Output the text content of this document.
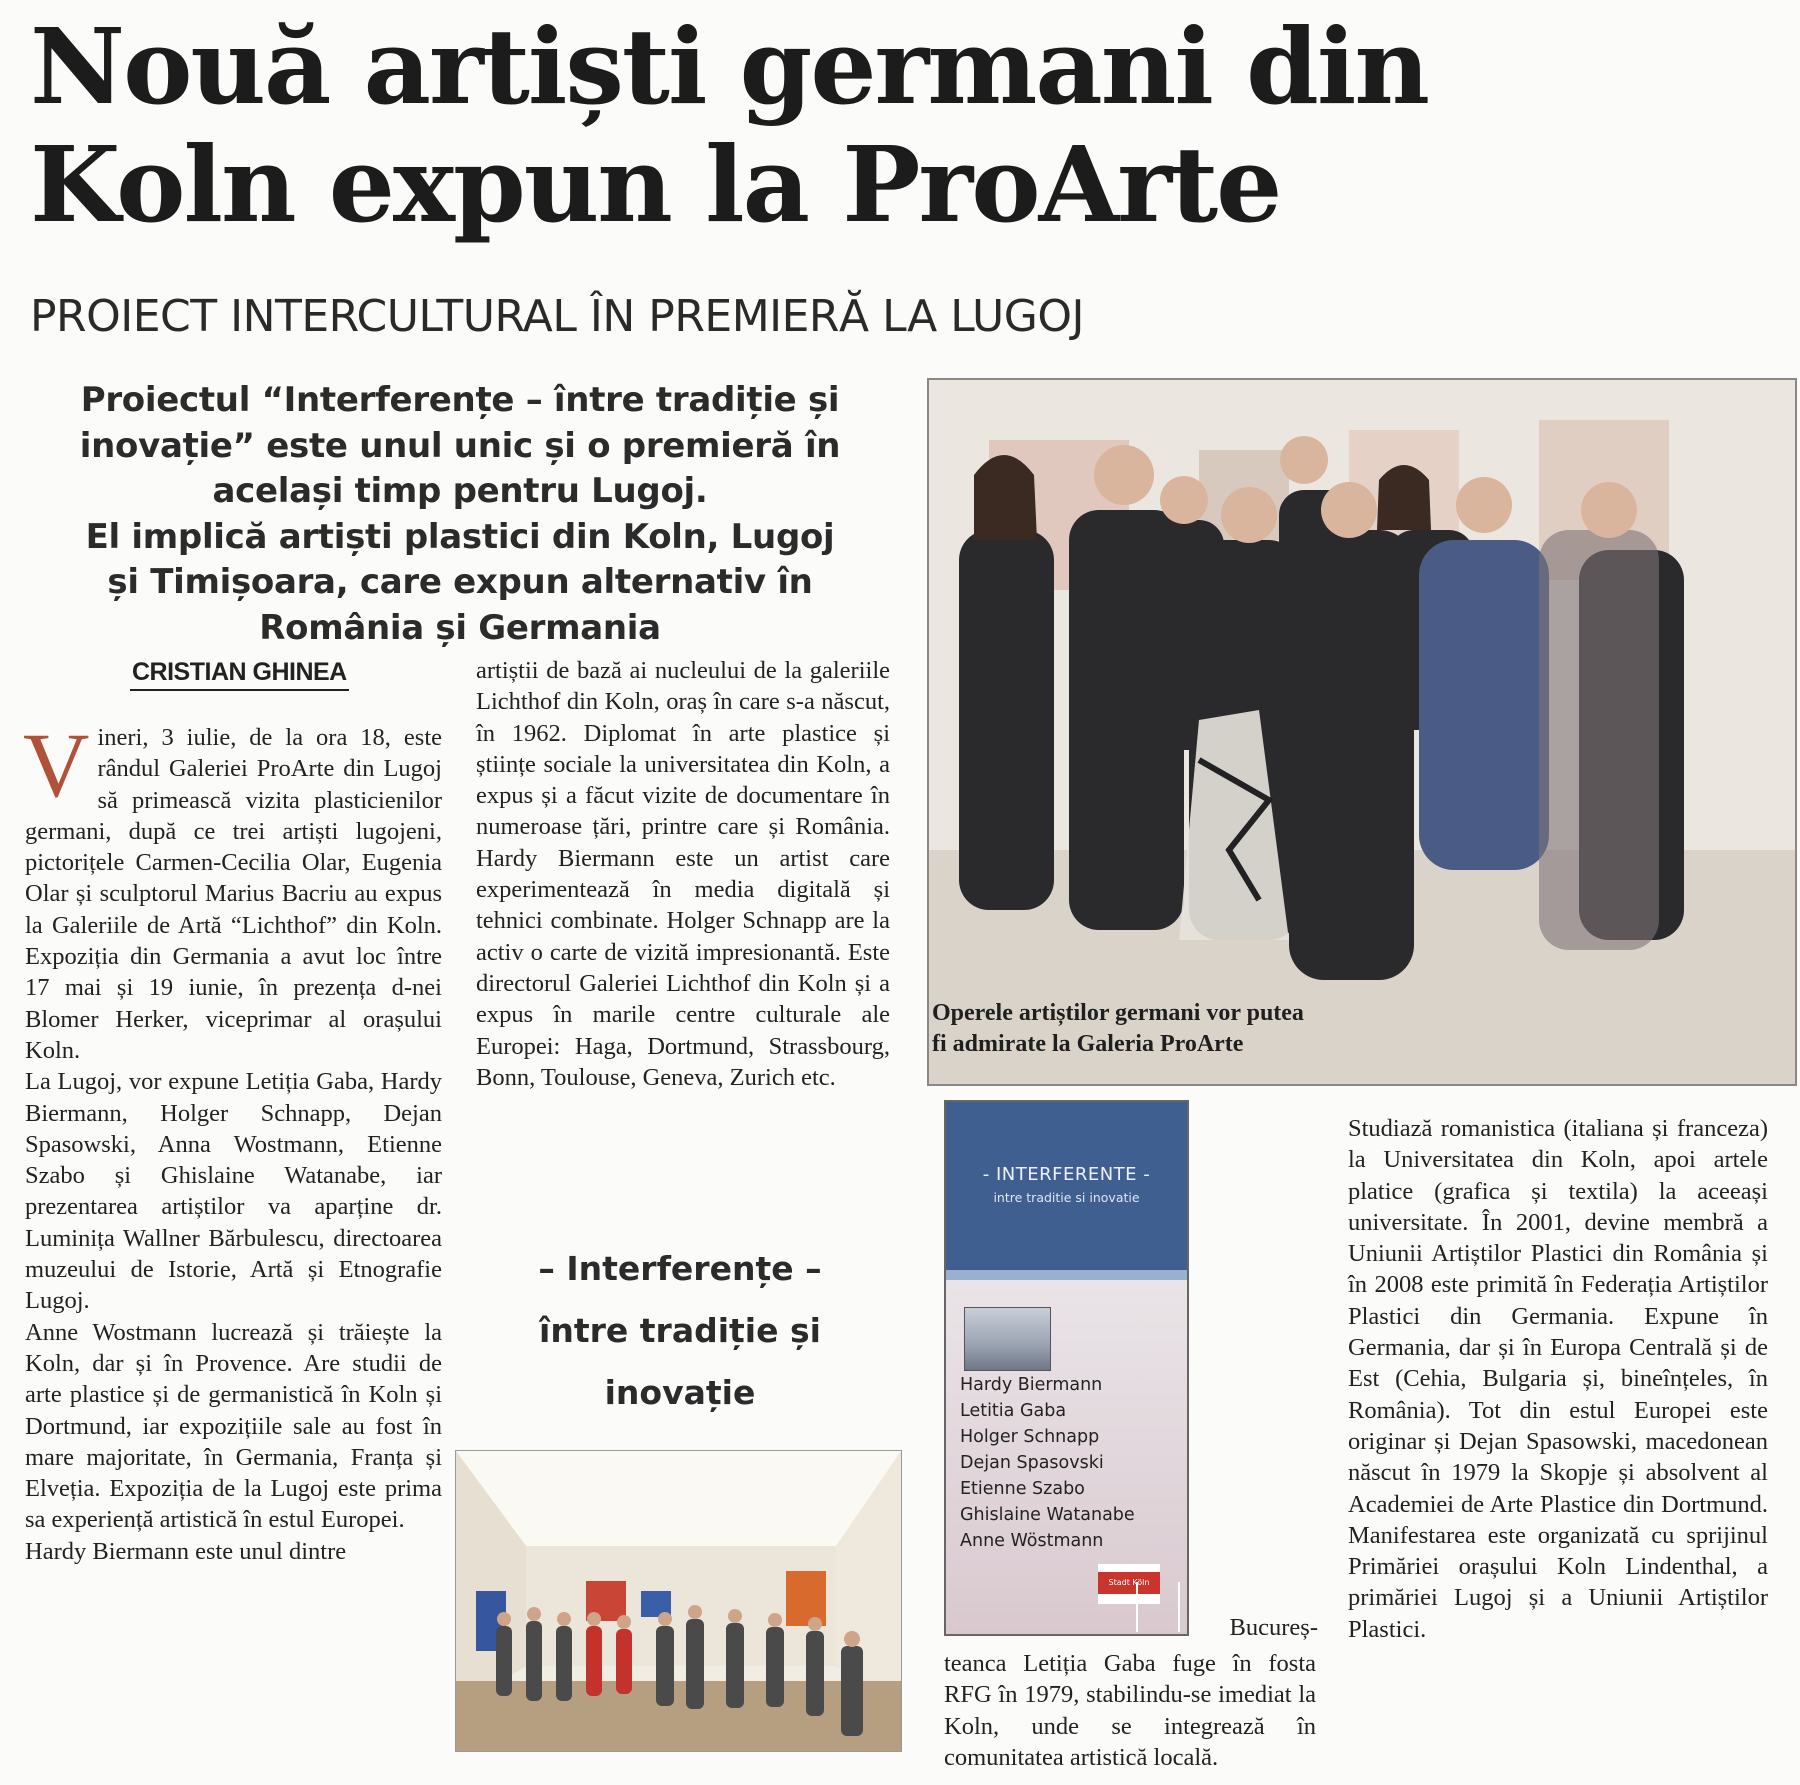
Nouă artiști germani din
Koln expun la ProArte
PROIECT INTERCULTURAL ÎN PREMIERĂ LA LUGOJ
Proiectul “Interferențe – între tradiție și
inovație” este unul unic și o premieră în
același timp pentru Lugoj.
El implică artiști plastici din Koln, Lugoj
și Timișoara, care expun alternativ în
România și Germania
CRISTIAN GHINEA

Vineri, 3 iulie, de la ora 18, este rândul Galeriei ProArte din Lugoj să primească vizita plasticienilor germani, după ce trei artiști lugojeni, pictorițele Carmen-Cecilia Olar, Eugenia Olar și sculptorul Marius Bacriu au expus la Galeriile de Artă “Lichthof” din Koln. Expoziția din Germania a avut loc între 17 mai și 19 iunie, în prezența d-nei Blomer Herker, viceprimar al orașului Koln.

La Lugoj, vor expune Letiția Gaba, Hardy Biermann, Holger Schnapp, Dejan Spasowski, Anna Wostmann, Etienne Szabo și Ghislaine Watanabe, iar prezentarea artiștilor va aparține dr. Luminița Wallner Bărbulescu, directoarea muzeului de Istorie, Artă și Etnografie Lugoj.

Anne Wostmann lucrează și trăiește la Koln, dar și în Provence. Are studii de arte plastice și de germanistică în Koln și Dortmund, iar expozițiile sale au fost în mare majoritate, în Germania, Franța și Elveția. Expoziția de la Lugoj este prima sa experiență artistică în estul Europei.

Hardy Biermann este unul dintre

artiștii de bază ai nucleului de la galeriile Lichthof din Koln, oraș în care s-a născut, în 1962. Diplomat în arte plastice și științe sociale la universitatea din Koln, a expus și a făcut vizite de documentare în numeroase țări, printre care și România. Hardy Biermann este un artist care experimentează în media digitală și tehnici combinate. Holger Schnapp are la activ o carte de vizită impresionantă. Este directorul Galeriei Lichthof din Koln și a expus în marile centre culturale ale Europei: Haga, Dortmund, Strassbourg, Bonn, Toulouse, Geneva, Zurich etc.

– Interferențe –
între tradiție și
inovație
Operele artiștilor germani vor putea
fi admirate la Galeria ProArte
- INTERFERENTE -
intre traditie si inovatie
Hardy Biermann
Letitia Gaba
Holger Schnapp
Dejan Spasovski
Etienne Szabo
Ghislaine Watanabe
Anne Wöstmann
Stadt Köln
Bucureș-

teanca Letiția Gaba fuge în fosta RFG în 1979, stabilindu-se imediat la Koln, unde se integrează în comunitatea artistică locală.

Studiază romanistica (italiana și franceza) la Universitatea din Koln, apoi artele platice (grafica și textila) la aceeași universitate. În 2001, devine membră a Uniunii Artiștilor Plastici din România și în 2008 este primită în Federația Artiștilor Plastici din Germania. Expune în Germania, dar și în Europa Centrală și de Est (Cehia, Bulgaria și, bineînțeles, în România). Tot din estul Europei este originar și Dejan Spasowski, macedonean născut în 1979 la Skopje și absolvent al Academiei de Arte Plastice din Dortmund. Manifestarea este organizată cu sprijinul Primăriei orașului Koln Lindenthal, a primăriei Lugoj și a Uniunii Artiștilor Plastici.
